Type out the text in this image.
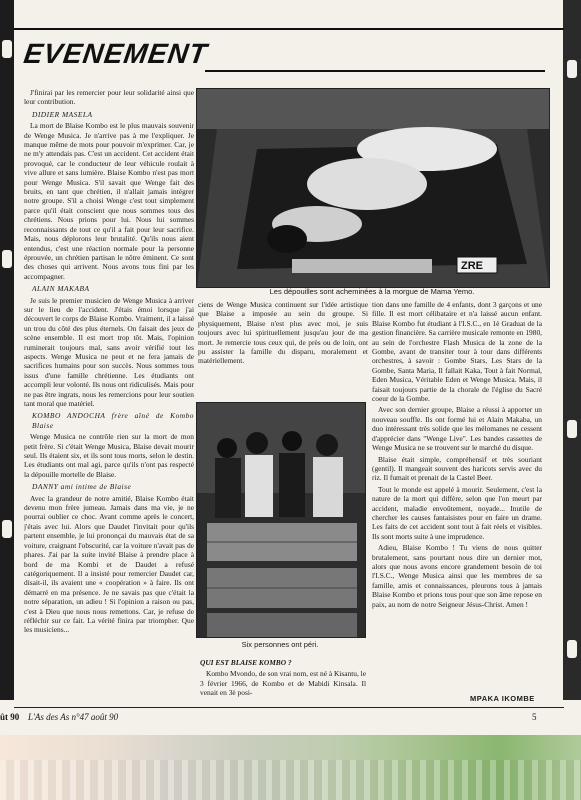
EVENEMENT

J'finirai par les remercier pour leur solidarité ainsi que leur contribution.

DIDIER MASELA

La mort de Blaise Kombo est le plus mauvais souvenir de Wenge Musica. Je n'arrive pas à me l'expliquer. Je manque même de mots pour pouvoir m'exprimer. Car, je ne m'y attendais pas. C'est un accident. Cet accident était provoqué, car le conducteur de leur véhicule roulait à vive allure et sans lumière. Blaise Kombo n'est pas mort pour Wenge Musica. S'il savait que Wenge fait des bruits, en tant que chrétien, il n'allait jamais intégrer notre groupe. S'il a choisi Wenge c'est tout simplement parce qu'il était conscient que nous sommes tous des chrétiens. Nous prions pour lui. Nous lui sommes reconnaissants de tout ce qu'il a fait pour leur sacrifice. Mais, nous déplorons leur brutalité. Qu'ils nous aient entendus, c'est une réaction normale pour la personne éprouvée, un chrétien partisan le nôtre éminent. Ce sont des choses qui arrivent. Nous avons tous fini par les accompagner.

ALAIN MAKABA

Je suis le premier musicien de Wenge Musica à arriver sur le lieu de l'accident. J'étais émoi lorsque j'ai découvert le corps de Blaise Kombo. Vraiment, il a laissé un trou du côté des plus éternels. On faisait des jeux de scène ensemble. Il est mort trop tôt. Mais, l'opinion ruminerait toujours mal, sans avoir vérifié tout les aspects. Wenge Musica ne peut et ne fera jamais de sacrifices humains pour son succès. Nous sommes tous issus d'une famille chrétienne. Les étudiants ont accompli leur volonté. Ils nous ont ridiculisés. Mais pour ne pas être ingrats, nous les remercions pour leur soutien tant moral que matériel.

KOMBO ANDOCHA frère aîné de Kombo Blaise

Wenge Musica ne contrôle rien sur la mort de mon petit frère. Si c'était Wenge Musica, Blaise devait mourir seul. Ils étaient six, et ils sont tous morts, selon le destin. Les étudiants ont mal agi, parce qu'ils n'ont pas respecté la dépouille mortelle de Blaise.

DANNY ami intime de Blaise

Avec la grandeur de notre amitié, Blaise Kombo était devenu mon frère jumeau. Jamais dans ma vie, je ne pourrai oublier ce choc. Avant comme après le concert, j'étais avec lui. Alors que Daudet l'invitait pour qu'ils partent ensemble, je lui prononçai du mauvais état de sa voiture, craignant l'obscurité, car la voiture n'avait pas de phares. J'ai par la suite invité Blaise à prendre place à bord de ma Kombi et de Daudet a refusé catégoriquement. Il a insisté pour remercier Daudet car, disait-il, ils avaient une « coopération » à faire. Ils ont démarré en ma présence. Je ne savais pas que c'était la notre séparation, un adieu ! Si l'opinion a raison ou pas, c'est à Dieu que nous nous remettons. Car, je refuse de réfléchir sur ce fait. La vérité finira par triompher. Que les musiciens...

ZRE
Les dépouilles sont acheminées à la morgue de Mama Yemo.

ciens de Wenge Musica continuent sur l'idée artistique que Blaise a imposée au sein du groupe. Si physiquement, Blaise n'est plus avec moi, je suis toujours avec lui spirituellement jusqu'au jour de ma mort. Je remercie tous ceux qui, de près ou de loin, ont pu assister la famille du disparu, moralement et matériellement.

Six personnes ont péri.

QUI EST BLAISE KOMBO ?

Kombo Mvondo, de son vrai nom, est né à Kisantu, le 3 février 1966, de Kombo et de Mabidi Kinsala. Il venait en 3è posi-

tion dans une famille de 4 enfants, dont 3 garçons et une fille. Il est mort célibataire et n'a laissé aucun enfant. Blaise Kombo fut étudiant à l'I.S.C., en 1è Graduat de la gestion financière. Sa carrière musicale remonte en 1980, au sein de l'orchestre Flash Musica de la zone de la Gombe, avant de transiter tour à tour dans différents orchestres, à savoir : Gombe Stars, Les Stars de la Gombe, Santa Maria, Il fallait Kaka, Tout à fait Normal, Eden Musica, Véritable Eden et Wenge Musica. Mais, il faisait toujours partie de la chorale de l'église du Sacré coeur de la Gombe.

Avec son dernier groupe, Blaise a réussi à apporter un nouveau souffle. Ils ont formé lui et Alain Makaba, un duo intéressant très solide que les mélomanes ne cessent d'apprécier dans "Wenge Live". Les bandes cassettes de Wenge Musica ne se trouvent sur le marché du disque.

Blaise était simple, compréhensif et très souriant (gentil). Il mangeait souvent des haricots servis avec du riz. Il fumait et prenait de la Castel Beer.

Tout le monde est appelé à mourir. Seulement, c'est la nature de la mort qui diffère, selon que l'on meurt par accident, maladie envoûtement, noyade... Inutile de chercher les causes fantaisistes pour en faire un drame. Les faits de cet accident sont tout à fait réels et visibles. Ils sont morts suite à une imprudence.

Adieu, Blaise Kombo ! Tu viens de nous quitter brutalement, sans pourtant nous dire un dernier mot, alors que nous avons encore grandement besoin de toi l'I.S.C., Wenge Musica ainsi que les membres de sa famille, amis et connaissances, pleurons tous à jamais Blaise Kombo et prions tous pour que son âme repose en paix, au nom de notre Seigneur Jésus-Christ. Amen !

MPAKA IKOMBE
ût 90 L'As des As n°47 août 90	5
